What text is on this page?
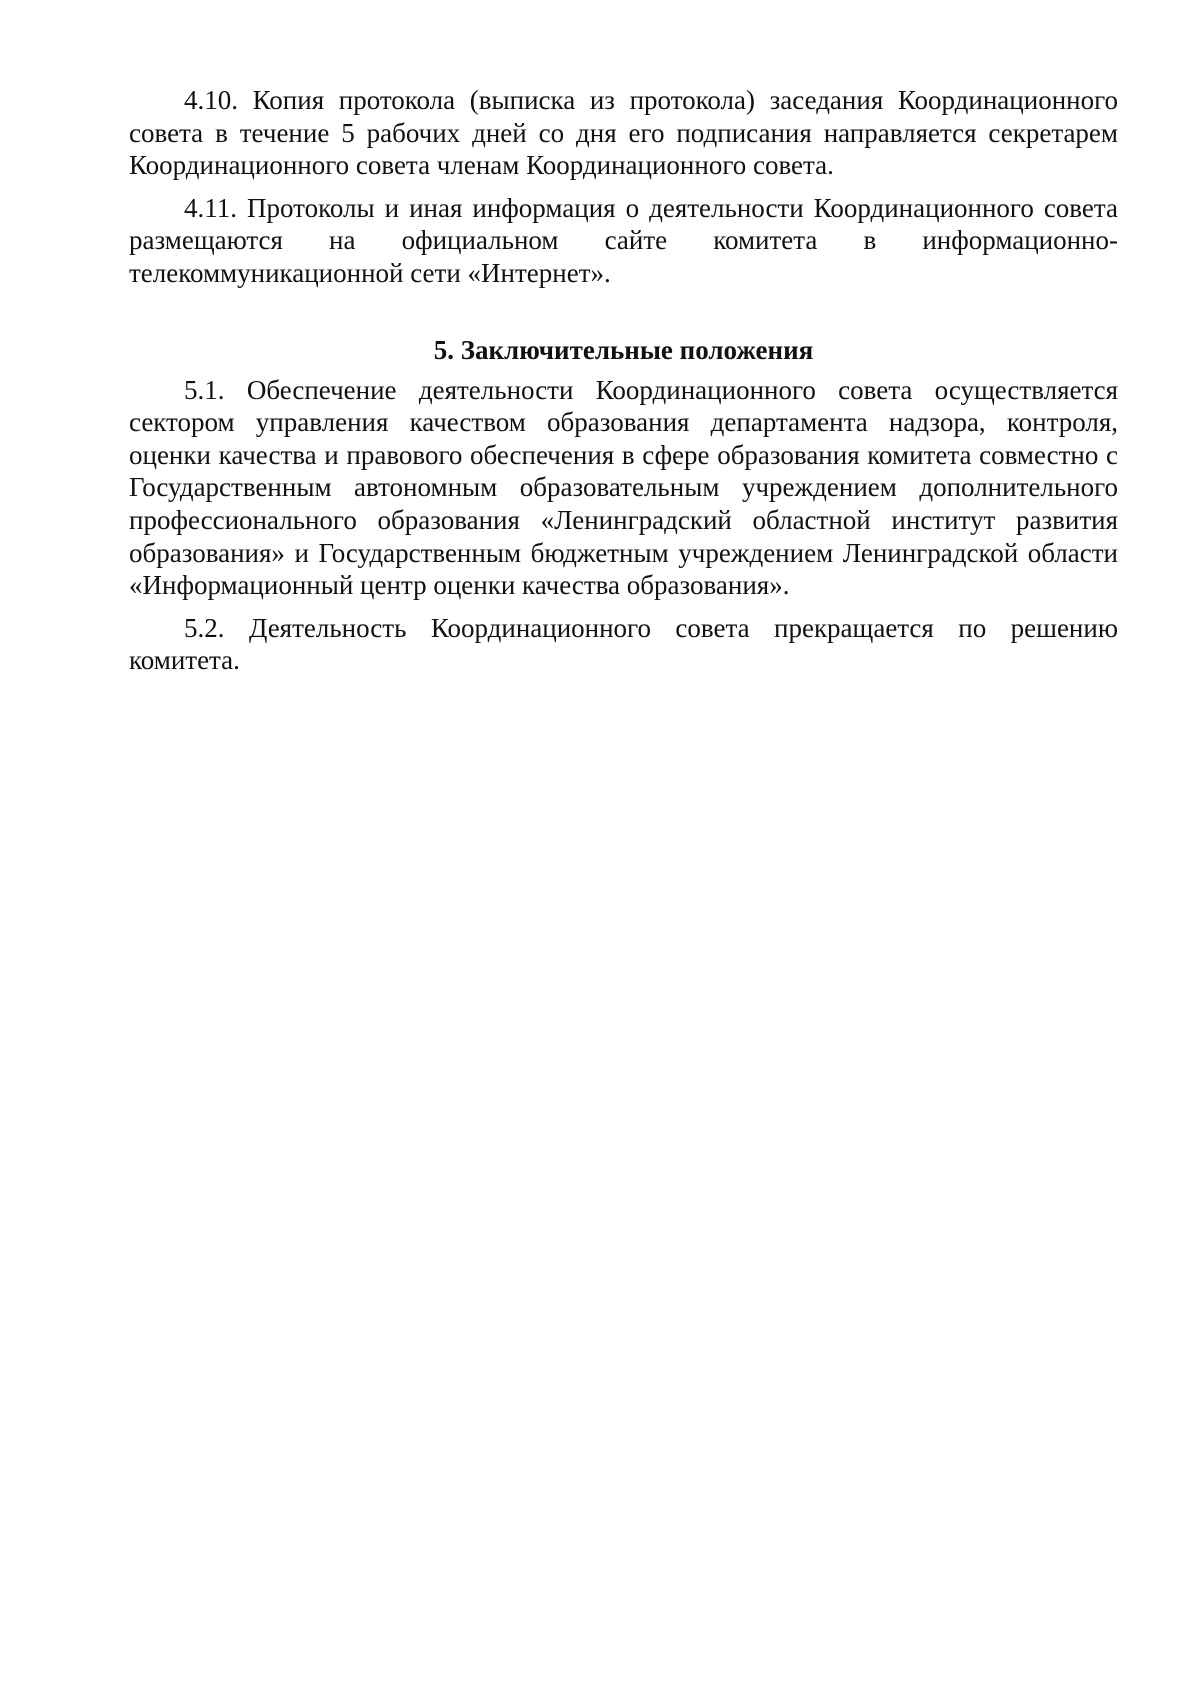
4.10. Копия протокола (выписка из протокола) заседания Координационного совета в течение 5 рабочих дней со дня его подписания направляется секретарем Координационного совета членам Координационного совета.

4.11. Протоколы и иная информация о деятельности Координационного совета размещаются на официальном сайте комитета в информационно-телекоммуникационной сети «Интернет».

5. Заключительные положения

5.1. Обеспечение деятельности Координационного совета осуществляется сектором управления качеством образования департамента надзора, контроля, оценки качества и правового обеспечения в сфере образования комитета совместно с Государственным автономным образовательным учреждением дополнительного профессионального образования «Ленинградский областной институт развития образования» и Государственным бюджетным учреждением Ленинградской области «Информационный центр оценки качества образования».

5.2. Деятельность Координационного совета прекращается по решению комитета.
